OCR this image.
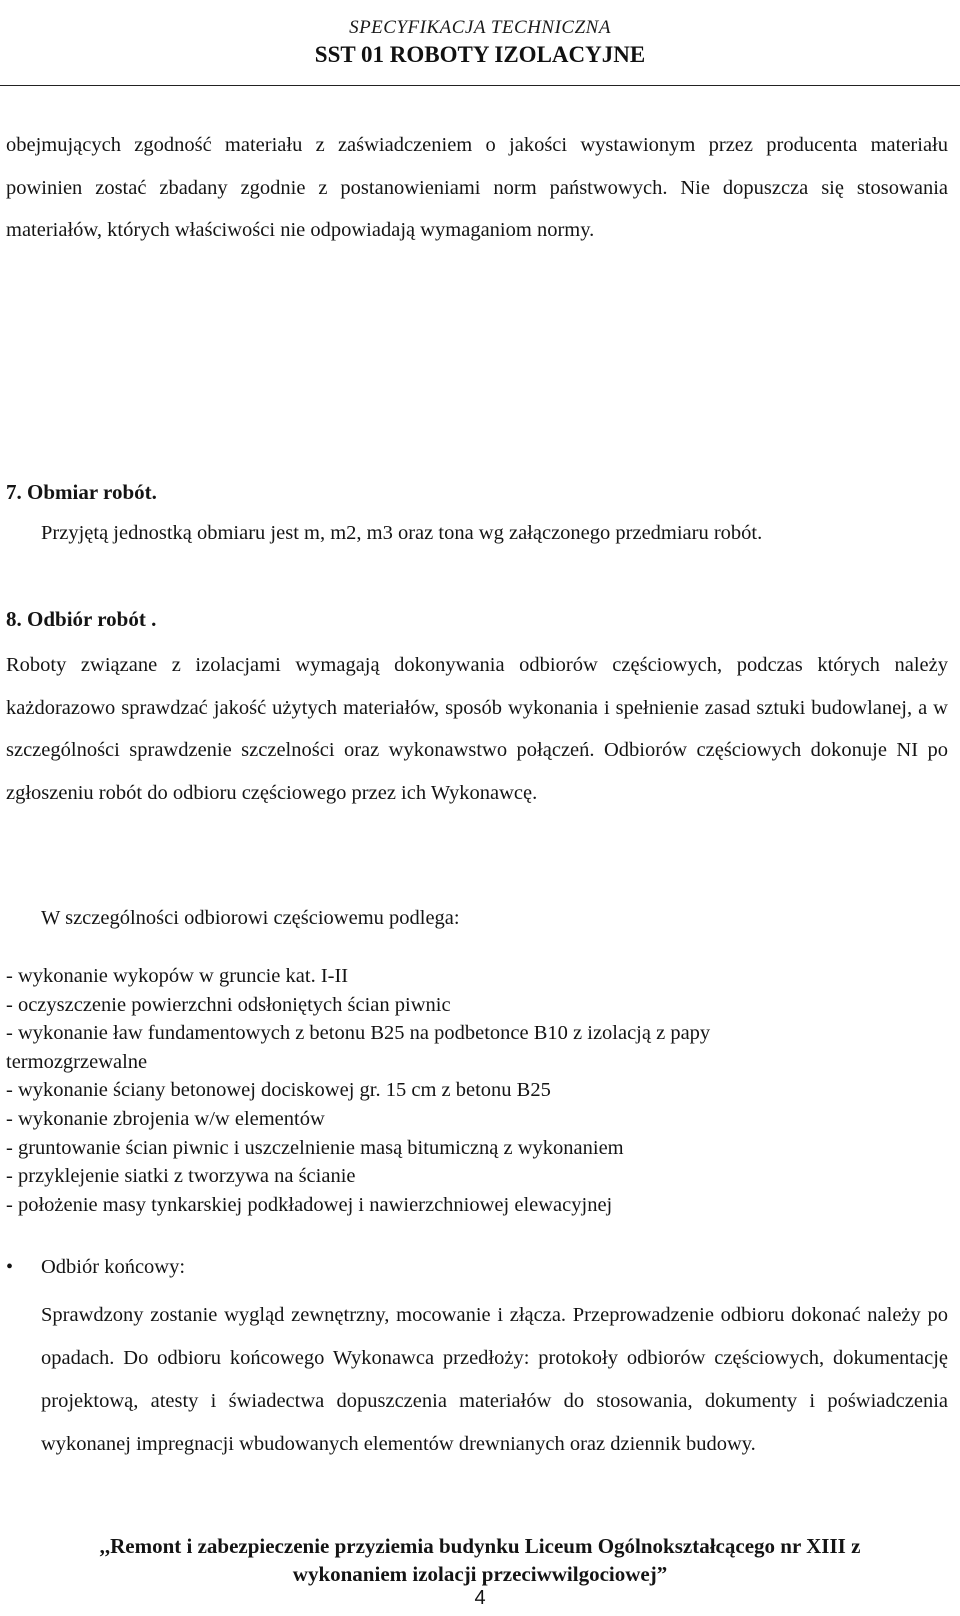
SPECYFIKACJA TECHNICZNA
SST 01 ROBOTY IZOLACYJNE
obejmujących zgodność materiału z zaświadczeniem o jakości wystawionym przez producenta materiału powinien zostać zbadany zgodnie z postanowieniami norm państwowych. Nie dopuszcza się stosowania materiałów, których właściwości nie odpowiadają wymaganiom normy.
7. Obmiar robót.
Przyjętą jednostką obmiaru jest m, m2, m3 oraz tona wg załączonego przedmiaru robót.
8. Odbiór robót .
Roboty związane z izolacjami wymagają dokonywania odbiorów częściowych, podczas których należy każdorazowo sprawdzać jakość użytych materiałów, sposób wykonania i spełnienie zasad sztuki budowlanej, a w szczególności sprawdzenie szczelności oraz wykonawstwo połączeń. Odbiorów częściowych dokonuje NI po zgłoszeniu robót do odbioru częściowego przez ich Wykonawcę.
W szczególności odbiorowi częściowemu podlega:
- wykonanie wykopów w gruncie kat. I-II
- oczyszczenie powierzchni odsłoniętych ścian piwnic
- wykonanie ław fundamentowych z betonu B25 na podbetonce B10 z izolacją z papy
termozgrzewalne
- wykonanie ściany betonowej dociskowej gr. 15 cm z betonu B25
- wykonanie zbrojenia w/w elementów
- gruntowanie ścian piwnic i uszczelnienie masą bitumiczną z wykonaniem
- przyklejenie siatki z tworzywa na ścianie
- położenie masy tynkarskiej podkładowej i nawierzchniowej elewacyjnej
• Odbiór końcowy:
Sprawdzony zostanie wygląd zewnętrzny, mocowanie i złącza. Przeprowadzenie odbioru dokonać należy po opadach. Do odbioru końcowego Wykonawca przedłoży: protokoły odbiorów częściowych, dokumentację projektową, atesty i świadectwa dopuszczenia materiałów do stosowania, dokumenty i poświadczenia wykonanej impregnacji wbudowanych elementów drewnianych oraz dziennik budowy.
,,Remont i zabezpieczenie przyziemia budynku Liceum Ogólnokształcącego nr XIII z
wykonaniem izolacji przeciwwilgociowej”
4
